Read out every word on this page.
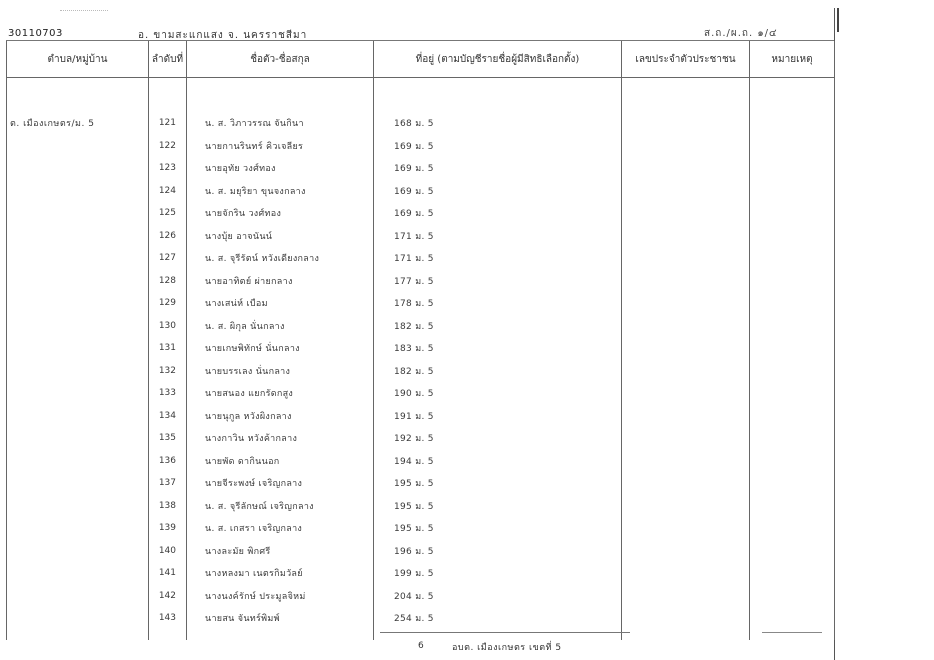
30110703	อ. ขามสะแกแสง จ. นครราชสีมา	ส.ถ./ผ.ถ. ๑/๔
ตำบล/หมู่บ้าน	ลำดับที่	ชื่อตัว-ชื่อสกุล	ที่อยู่ (ตามบัญชีรายชื่อผู้มีสิทธิเลือกตั้ง)	เลขประจำตัวประชาชน	หมายเหตุ

ต. เมืองเกษตร/ม. 5	121	น. ส. วิภาวรรณ จันกินา	168 ม. 5		
	122	นายกานรินทร์ คิวเจลียร	169 ม. 5		
	123	นายอุทัย วงศ์ทอง	169 ม. 5		
	124	น. ส. มยุริยา ขุนจงกลาง	169 ม. 5		
	125	นายจักริน วงศ์ทอง	169 ม. 5		
	126	นางบุ้ย อาจนันน์	171 ม. 5		
	127	น. ส. จุรีรัตน์ หวังเดียงกลาง	171 ม. 5		
	128	นายอาทิตย์ ผ่ายกลาง	177 ม. 5		
	129	นางเสน่ห์ เบือม	178 ม. 5		
	130	น. ส. ผิกุล นั่นกลาง	182 ม. 5		
	131	นายเกษพิทักษ์ นั่นกลาง	183 ม. 5		
	132	นายบรรเลง นั่นกลาง	182 ม. 5		
	133	นายสนอง แยกรัดกสูง	190 ม. 5		
	134	นายนุกูล หวังผิงกลาง	191 ม. 5		
	135	นางกาวิน หวังค้ากลาง	192 ม. 5		
	136	นายพัด ดากินนอก	194 ม. 5		
	137	นายจีระพงษ์ เจริญกลาง	195 ม. 5		
	138	น. ส. จุรีลักษณ์ เจริญกลาง	195 ม. 5		
	139	น. ส. เกสรา เจริญกลาง	195 ม. 5		
	140	นางละมัย พิกศรี	196 ม. 5		
	141	นางหลงมา เนตรกิมวัลย์	199 ม. 5		
	142	นางนงค์รักษ์ ประมูลจิหม่	204 ม. 5		
	143	นายสน จันทร์พิมพ์	254 ม. 5		

6	อบต. เมืองเกษตร เขตที่ 5
